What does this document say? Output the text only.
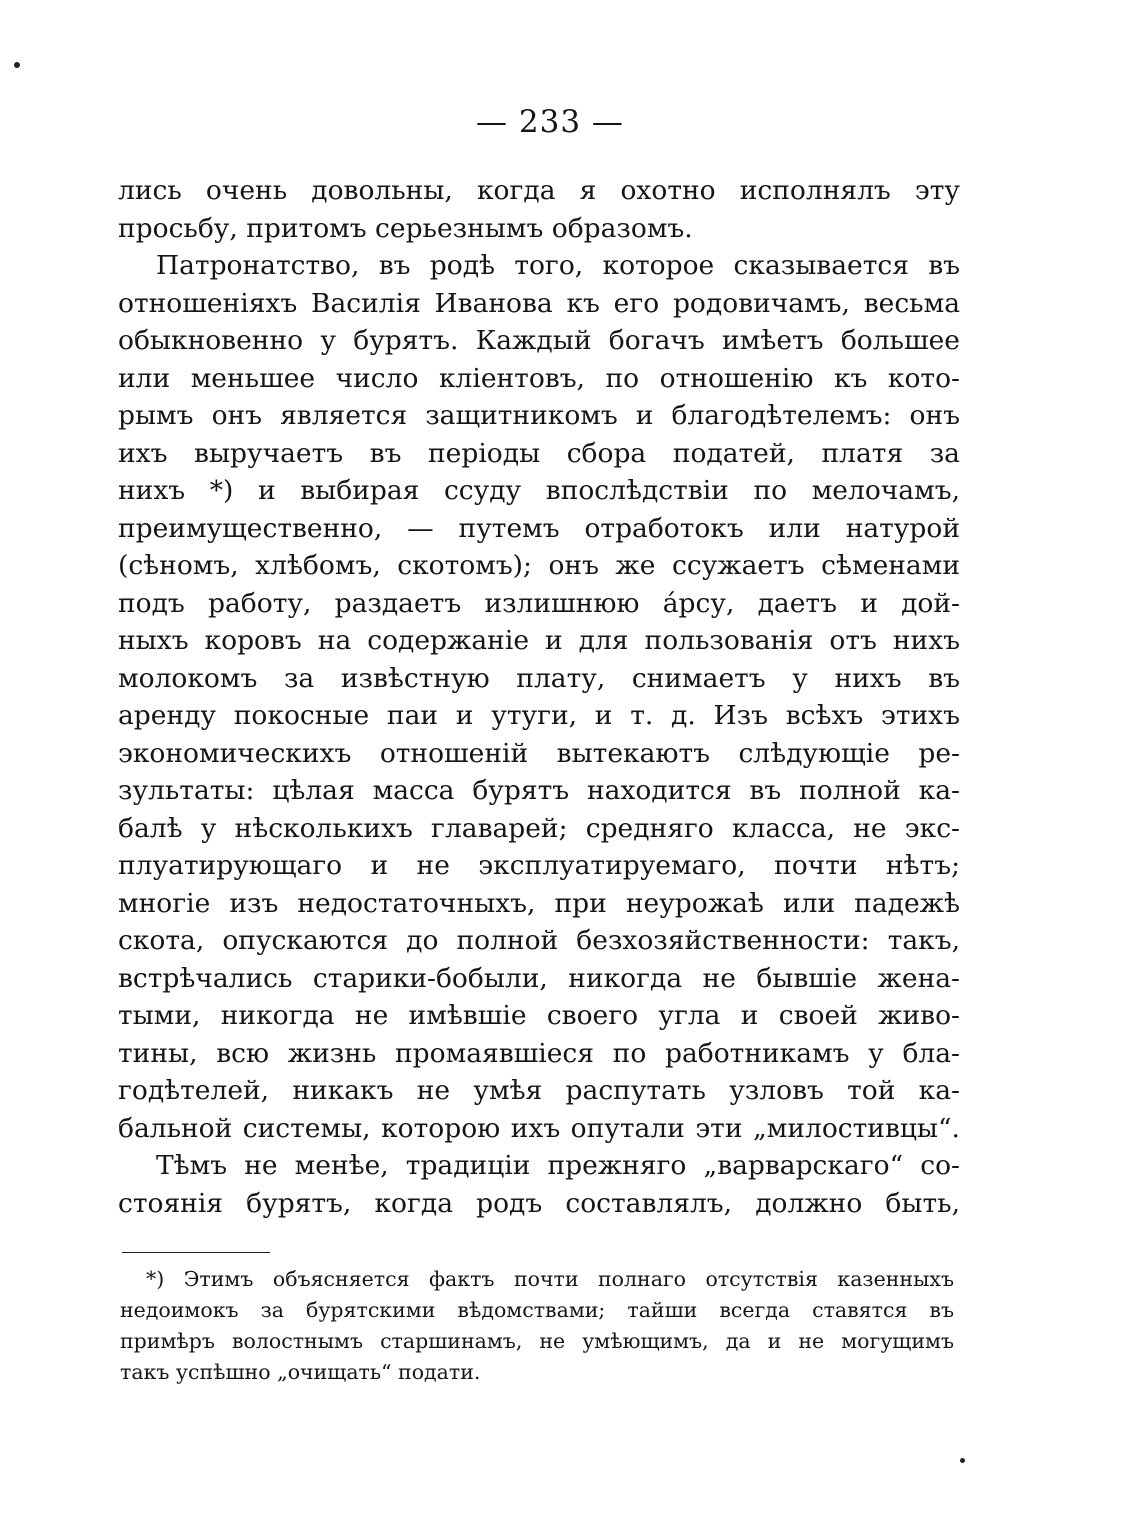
— 233 —
лись очень довольны, когда я охотно исполнялъ эту
просьбу, притомъ серьезнымъ образомъ.
Патронатство, въ родѣ того, которое сказывается въ
отношеніяхъ Василія Иванова къ его родовичамъ, весьма
обыкновенно у бурятъ. Каждый богачъ имѣетъ большее
или меньшее число кліентовъ, по отношенію къ кото-
рымъ онъ является защитникомъ и благодѣтелемъ: онъ
ихъ выручаетъ въ періоды сбора податей, платя за
нихъ *) и выбирая ссуду впослѣдствіи по мелочамъ,
преимущественно, — путемъ отработокъ или натурой
(сѣномъ, хлѣбомъ, скотомъ); онъ же ссужаетъ сѣменами
подъ работу, раздаетъ излишнюю áрсу, даетъ и дой-
ныхъ коровъ на содержаніе и для пользованія отъ нихъ
молокомъ за извѣстную плату, снимаетъ у нихъ въ
аренду покосные паи и утуги, и т. д. Изъ всѣхъ этихъ
экономическихъ отношеній вытекаютъ слѣдующіе ре-
зультаты: цѣлая масса бурятъ находится въ полной ка-
балѣ у нѣсколькихъ главарей; средняго класса, не экс-
плуатирующаго и не эксплуатируемаго, почти нѣтъ;
многіе изъ недостаточныхъ, при неурожаѣ или падежѣ
скота, опускаются до полной безхозяйственности: такъ,
встрѣчались старики-бобыли, никогда не бывшіе жена-
тыми, никогда не имѣвшіе своего угла и своей живо-
тины, всю жизнь промаявшіеся по работникамъ у бла-
годѣтелей, никакъ не умѣя распутать узловъ той ка-
бальной системы, которою ихъ опутали эти „милостивцы“.
Тѣмъ не менѣе, традиціи прежняго „варварскаго“ со-
стоянія бурятъ, когда родъ составлялъ, должно быть,
*) Этимъ объясняется фактъ почти полнаго отсутствія казенныхъ
недоимокъ за бурятскими вѣдомствами; тайши всегда ставятся въ
примѣръ волостнымъ старшинамъ, не умѣющимъ, да и не могущимъ
такъ успѣшно „очищать“ подати.
